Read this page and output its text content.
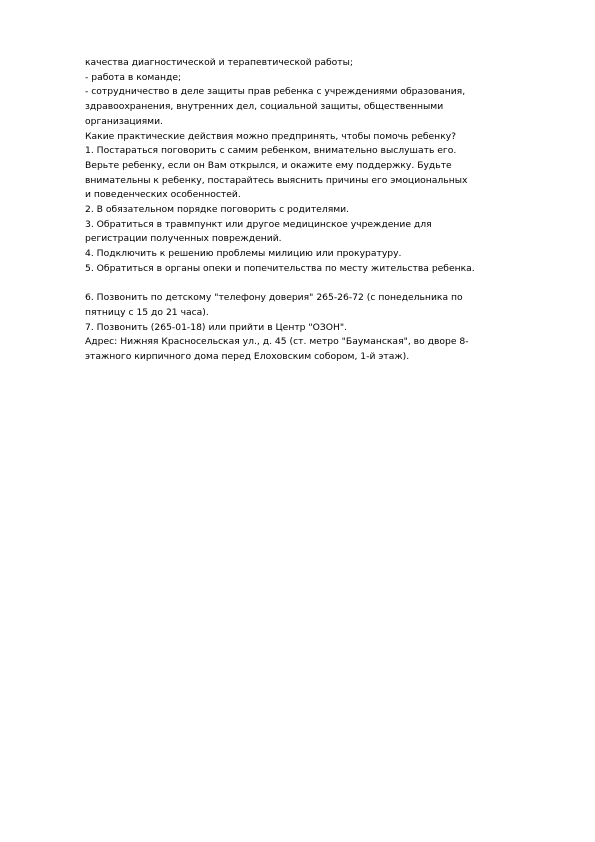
качества диагностической и терапевтической работы;
- работа в команде;
- сотрудничество в деле защиты прав ребенка с учреждениями образования,
здравоохранения, внутренних дел, социальной защиты, общественными
организациями.
Какие практические действия можно предпринять, чтобы помочь ребенку?
1. Постараться поговорить с самим ребенком, внимательно выслушать его.
Верьте ребенку, если он Вам открылся, и окажите ему поддержку. Будьте
внимательны к ребенку, постарайтесь выяснить причины его эмоциональных
и поведенческих особенностей.
2. В обязательном порядке поговорить с родителями.
3. Обратиться в травмпункт или другое медицинское учреждение для
регистрации полученных повреждений.
4. Подключить к решению проблемы милицию или прокуратуру.
5. Обратиться в органы опеки и попечительства по месту жительства ребенка.
6. Позвонить по детскому "телефону доверия" 265-26-72 (с понедельника по
пятницу с 15 до 21 часа).
7. Позвонить (265-01-18) или прийти в Центр "ОЗОН".
Адрес: Нижняя Красносельская ул., д. 45 (ст. метро "Бауманская", во дворе 8-
этажного кирпичного дома перед Елоховским собором, 1-й этаж).
